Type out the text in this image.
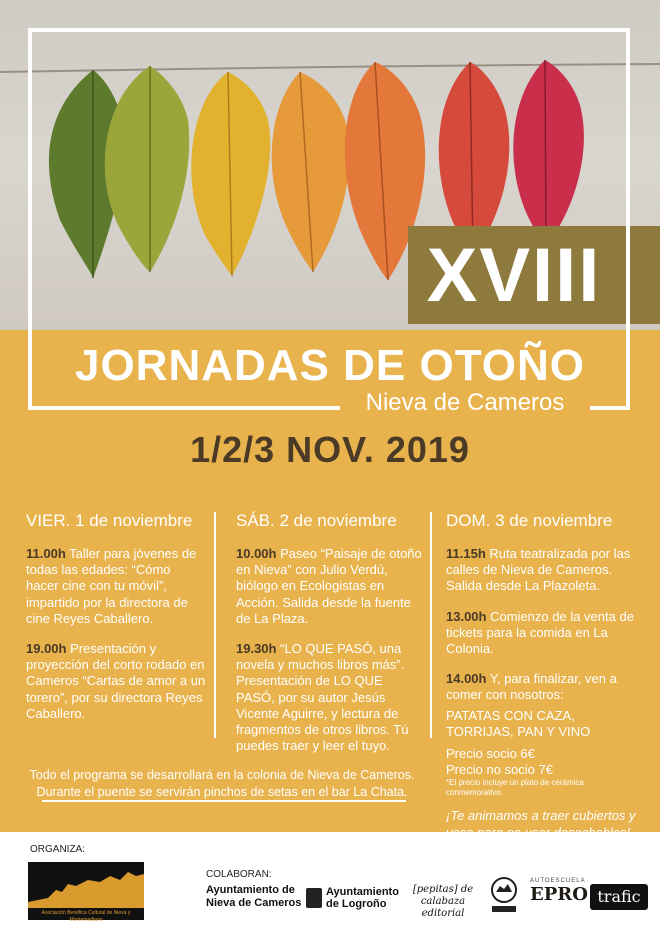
XVIII
JORNADAS DE OTOÑO
Nieva de Cameros
1/2/3 NOV. 2019
VIER. 1 de noviembre

11.00h Taller para jóvenes de todas las edades: “Cómo hacer cine con tu móvil”, impartido por la directora de cine Reyes Caballero.

19.00h Presentación y proyección del corto rodado en Cameros “Cartas de amor a un torero”, por su directora Reyes Caballero.

SÁB. 2 de noviembre

10.00h Paseo “Paisaje de otoño en Nieva” con Julio Verdú, biólogo en Ecologistas en Acción. Salida desde la fuente de La Plaza.

19.30h “LO QUE PASÓ, una novela y muchos libros más”. Presentación de LO QUE PASÓ, por su autor Jesús Vicente Aguirre, y lectura de fragmentos de otros libros. Tú puedes traer y leer el tuyo.

DOM. 3 de noviembre

11.15h Ruta teatralizada por las calles de Nieva de Cameros. Salida desde La Plazoleta.

13.00h Comienzo de la venta de tickets para la comida en La Colonia.

14.00h Y, para finalizar, ven a comer con nosotros:

PATATAS CON CAZA, TORRIJAS, PAN Y VINO

Precio socio 6€
Precio no socio 7€
*El precio incluye un plato de cerámica conmemorativo.
¡Te animamos a traer cubiertos y
Todo el programa se desarrollará en la colonia de Nieva de Cameros.
Durante el puente se servirán pinchos de setas en el bar La Chata.
ORGANIZA:
Asociación Benéfica Cultural de Nieva y Montemediano
COLABORAN:
Ayuntamiento de Nieva de Cameros
Ayuntamiento de Logroño
[pepitas] de calabaza editorial
AUTOESCUELA
EPRO trafic
